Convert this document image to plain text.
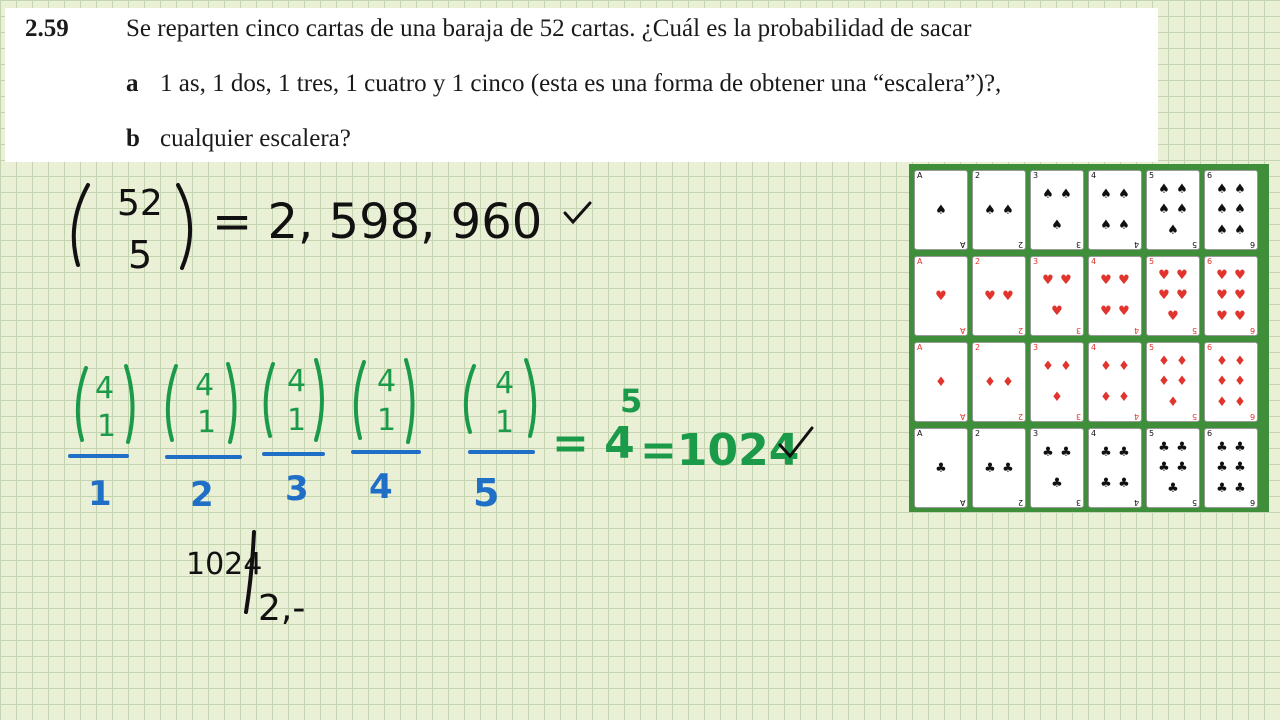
2.59 Se reparten cinco cartas de una baraja de 52 cartas. ¿Cuál es la probabilidad de sacar
a 1 as, 1 dos, 1 tres, 1 cuatro y 1 cinco (esta es una forma de obtener una “escalera”)?,
b cualquier escalera?
52
5
= 2, 598, 960
4
1
4
1
4
1
4
1
4
1
1 2 3 4 5
= 4
5
=1024
1024
2,-
A
♠
A
2
♠ ♠
2
3
♠ ♠
♠
3
4
♠ ♠
♠ ♠
4
5
♠ ♠
♠ ♠
♠
5
6
♠ ♠
♠ ♠
♠ ♠
6
A
♥
A
2
♥ ♥
2
3
♥ ♥
♥
3
4
♥ ♥
♥ ♥
4
5
♥ ♥
♥ ♥
♥
5
6
♥ ♥
♥ ♥
♥ ♥
6
A
♦
A
2
♦ ♦
2
3
♦ ♦
♦
3
4
♦ ♦
♦ ♦
4
5
♦ ♦
♦ ♦
♦
5
6
♦ ♦
♦ ♦
♦ ♦
6
A
♣
A
2
♣ ♣
2
3
♣ ♣
♣
3
4
♣ ♣
♣ ♣
4
5
♣ ♣
♣ ♣
♣
5
6
♣ ♣
♣ ♣
♣ ♣
6
